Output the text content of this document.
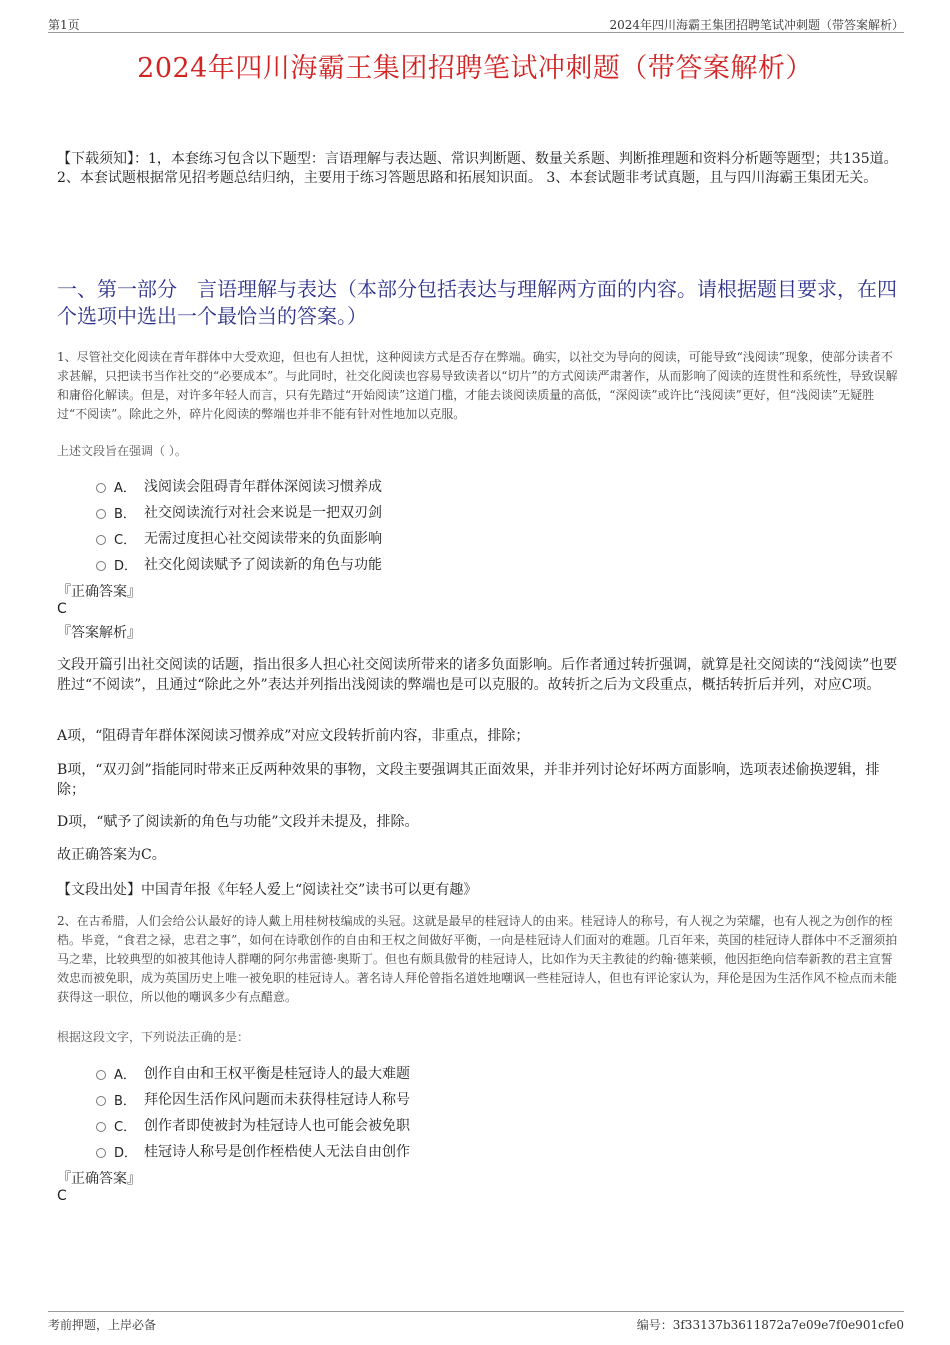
第1页	2024年四川海霸王集团招聘笔试冲刺题（带答案解析）
2024年四川海霸王集团招聘笔试冲刺题（带答案解析）
【下载须知】：1，本套练习包含以下题型：言语理解与表达题、常识判断题、数量关系题、判断推理题和资料分析题等题型；共135道。 2、本套试题根据常见招考题总结归纳，主要用于练习答题思路和拓展知识面。 3、本套试题非考试真题，且与四川海霸王集团无关。
一、第一部分　言语理解与表达（本部分包括表达与理解两方面的内容。请根据题目要求，在四个选项中选出一个最恰当的答案。）
1、尽管社交化阅读在青年群体中大受欢迎，但也有人担忧，这种阅读方式是否存在弊端。确实，以社交为导向的阅读，可能导致“浅阅读”现象，使部分读者不求甚解，只把读书当作社交的“必要成本”。与此同时，社交化阅读也容易导致读者以“切片”的方式阅读严肃著作，从而影响了阅读的连贯性和系统性，导致误解和庸俗化解读。但是，对许多年轻人而言，只有先踏过“开始阅读”这道门槛，才能去谈阅读质量的高低，“深阅读”或许比“浅阅读”更好，但“浅阅读”无疑胜过“不阅读”。除此之外，碎片化阅读的弊端也并非不能有针对性地加以克服。
上述文段旨在强调（ ）。
A． 浅阅读会阻碍青年群体深阅读习惯养成
B． 社交阅读流行对社会来说是一把双刃剑
C． 无需过度担心社交阅读带来的负面影响
D． 社交化阅读赋予了阅读新的角色与功能
『正确答案』
C
『答案解析』
文段开篇引出社交阅读的话题，指出很多人担心社交阅读所带来的诸多负面影响。后作者通过转折强调，就算是社交阅读的“浅阅读”也要胜过“不阅读”，且通过“除此之外”表达并列指出浅阅读的弊端也是可以克服的。故转折之后为文段重点，概括转折后并列，对应C项。
A项，“阻碍青年群体深阅读习惯养成”对应文段转折前内容，非重点，排除；
B项，“双刃剑”指能同时带来正反两种效果的事物，文段主要强调其正面效果，并非并列讨论好坏两方面影响，选项表述偷换逻辑，排除；
D项，“赋予了阅读新的角色与功能”文段并未提及，排除。
故正确答案为C。
【文段出处】中国青年报《年轻人爱上“阅读社交”读书可以更有趣》
2、在古希腊，人们会给公认最好的诗人戴上用桂树枝编成的头冠。这就是最早的桂冠诗人的由来。桂冠诗人的称号，有人视之为荣耀，也有人视之为创作的桎梏。毕竟，“食君之禄，忠君之事”，如何在诗歌创作的自由和王权之间做好平衡，一向是桂冠诗人们面对的难题。几百年来，英国的桂冠诗人群体中不乏溜须拍马之辈，比较典型的如被其他诗人群嘲的阿尔弗雷德·奥斯丁。但也有颇具傲骨的桂冠诗人，比如作为天主教徒的约翰·德莱顿，他因拒绝向信奉新教的君主宣誓效忠而被免职，成为英国历史上唯一被免职的桂冠诗人。著名诗人拜伦曾指名道姓地嘲讽一些桂冠诗人，但也有评论家认为，拜伦是因为生活作风不检点而未能获得这一职位，所以他的嘲讽多少有点醋意。
根据这段文字，下列说法正确的是：
A． 创作自由和王权平衡是桂冠诗人的最大难题
B． 拜伦因生活作风问题而未获得桂冠诗人称号
C． 创作者即使被封为桂冠诗人也可能会被免职
D． 桂冠诗人称号是创作桎梏使人无法自由创作
『正确答案』
C
考前押题，上岸必备	编号：3f33137b3611872a7e09e7f0e901cfe0
